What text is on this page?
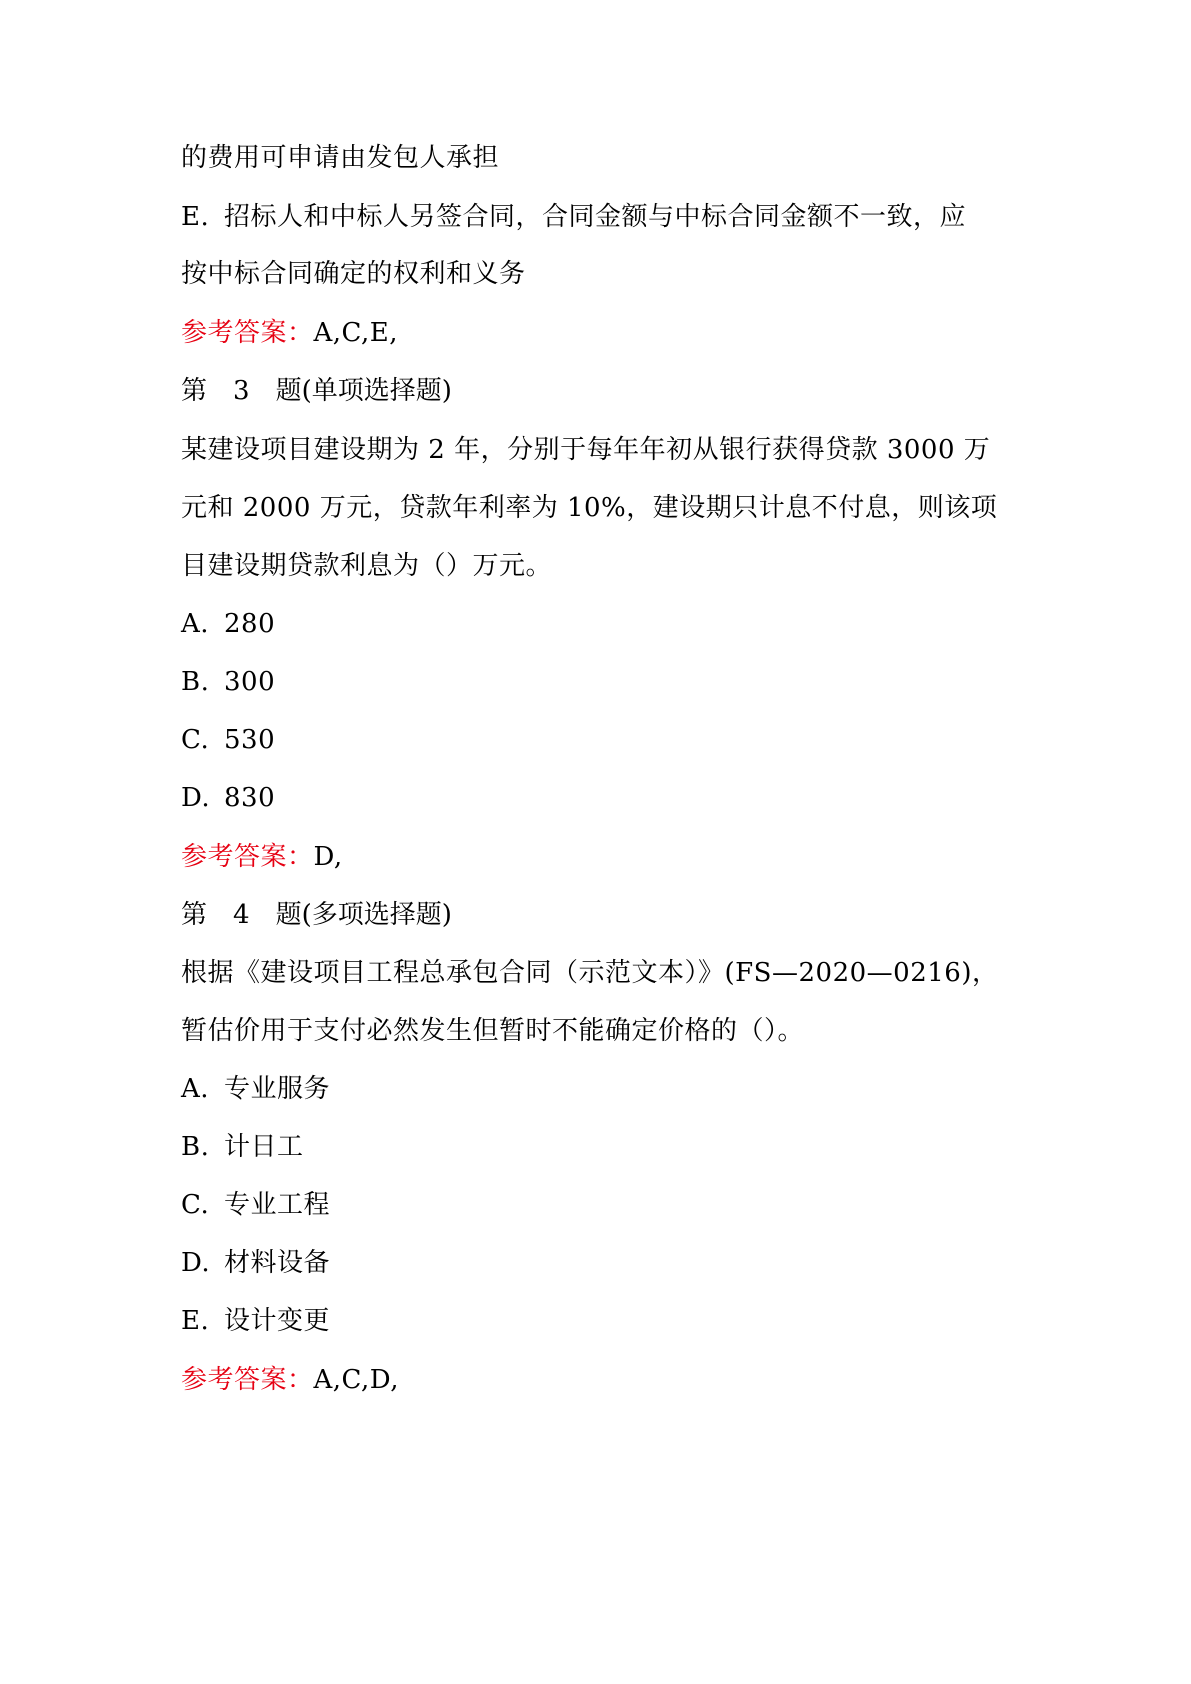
的费用可申请由发包人承担
E. 招标人和中标人另签合同，合同金额与中标合同金额不一致，应
按中标合同确定的权利和义务
参考答案：A,C,E,
第 3 题(单项选择题)
某建设项目建设期为 2 年，分别于每年年初从银行获得贷款 3000 万
元和 2000 万元，贷款年利率为 10%，建设期只计息不付息，则该项
目建设期贷款利息为（）万元。
A. 280
B. 300
C. 530
D. 830
参考答案：D,
第 4 题(多项选择题)
根据《建设项目工程总承包合同（示范文本）》(FS—2020—0216)，
暂估价用于支付必然发生但暂时不能确定价格的（）。
A. 专业服务
B. 计日工
C. 专业工程
D. 材料设备
E. 设计变更
参考答案：A,C,D,
